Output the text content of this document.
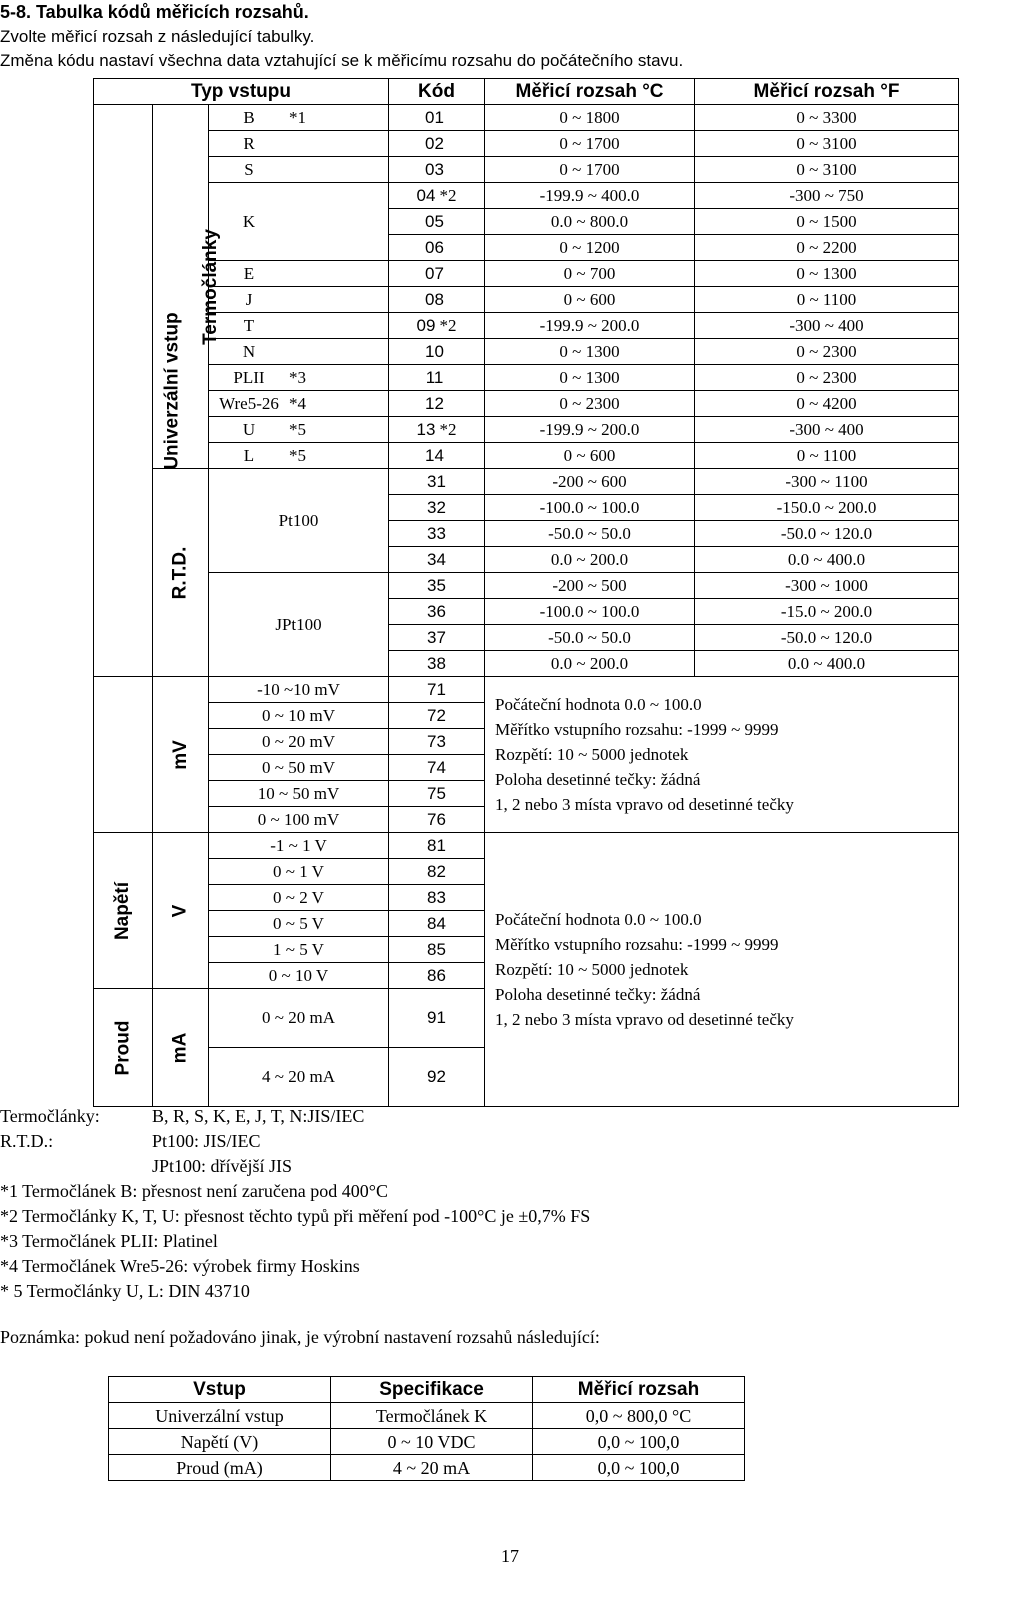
5-8. Tabulka kódů měřicích rozsahů.
Zvolte měřicí rozsah z následující tabulky.
Změna kódu nastaví všechna data vztahující se k měřicímu rozsahu do počátečního stavu.
Typ vstupu			Kód	Měřicí rozsah °C	Měřicí rozsah °F
Univerzální vstup	Termočlánky	B *1	01	0 ~ 1800	0 ~ 3300
		R	02	0 ~ 1700	0 ~ 3100
		S	03	0 ~ 1700	0 ~ 3100
		K	04 *2	-199.9 ~ 400.0	-300 ~ 750
			05	0.0 ~ 800.0	0 ~ 1500
			06	0 ~ 1200	0 ~ 2200
		E	07	0 ~ 700	0 ~ 1300
		J	08	0 ~ 600	0 ~ 1100
		T	09 *2	-199.9 ~ 200.0	-300 ~ 400
		N	10	0 ~ 1300	0 ~ 2300
		PLII *3	11	0 ~ 1300	0 ~ 2300
		Wre5-26 *4	12	0 ~ 2300	0 ~ 4200
		U *5	13 *2	-199.9 ~ 200.0	-300 ~ 400
		L *5	14	0 ~ 600	0 ~ 1100
	R.T.D.	Pt100	31	-200 ~ 600	-300 ~ 1100
			32	-100.0 ~ 100.0	-150.0 ~ 200.0
			33	-50.0 ~ 50.0	-50.0 ~ 120.0
			34	0.0 ~ 200.0	0.0 ~ 400.0
		JPt100	35	-200 ~ 500	-300 ~ 1000
			36	-100.0 ~ 100.0	-15.0 ~ 200.0
			37	-50.0 ~ 50.0	-50.0 ~ 120.0
			38	0.0 ~ 200.0	0.0 ~ 400.0
	mV	-10 ~10 mV	71	Počáteční hodnota 0.0 ~ 100.0
Měřítko vstupního rozsahu: -1999 ~ 9999
Rozpětí: 10 ~ 5000 jednotek
Poloha desetinné tečky: žádná
1, 2 nebo 3 místa vpravo od desetinné tečky	

		0 ~ 10 mV	72		
		0 ~ 20 mV	73		
		0 ~ 50 mV	74		
		10 ~ 50 mV	75		
		0 ~ 100 mV	76		
Napětí	V	-1 ~ 1 V	81	Počáteční hodnota 0.0 ~ 100.0
Měřítko vstupního rozsahu: -1999 ~ 9999
Rozpětí: 10 ~ 5000 jednotek
Poloha desetinné tečky: žádná
1, 2 nebo 3 místa vpravo od desetinné tečky	

		0 ~ 1 V	82		
		0 ~ 2 V	83		
		0 ~ 5 V	84		
		1 ~ 5 V	85		
		0 ~ 10 V	86		
Proud	mA	0 ~ 20 mA	91		
		4 ~ 20 mA	92		
Termočlánky:	B, R, S, K, E, J, T, N:JIS/IEC
R.T.D.:	Pt100: JIS/IEC
JPt100: dřívější JIS
*1 Termočlánek B: přesnost není zaručena pod 400°C
*2 Termočlánky K, T, U: přesnost těchto typů při měření pod -100°C je ±0,7% FS
*3 Termočlánek PLII: Platinel
*4 Termočlánek Wre5-26: výrobek firmy Hoskins
* 5 Termočlánky U, L: DIN 43710
Poznámka: pokud není požadováno jinak, je výrobní nastavení rozsahů následující:
Vstup	Specifikace	Měřicí rozsah
Univerzální vstup	Termočlánek K	0,0 ~ 800,0 °C
Napětí (V)	0 ~ 10 VDC	0,0 ~ 100,0
Proud (mA)	4 ~ 20 mA	0,0 ~ 100,0
17
